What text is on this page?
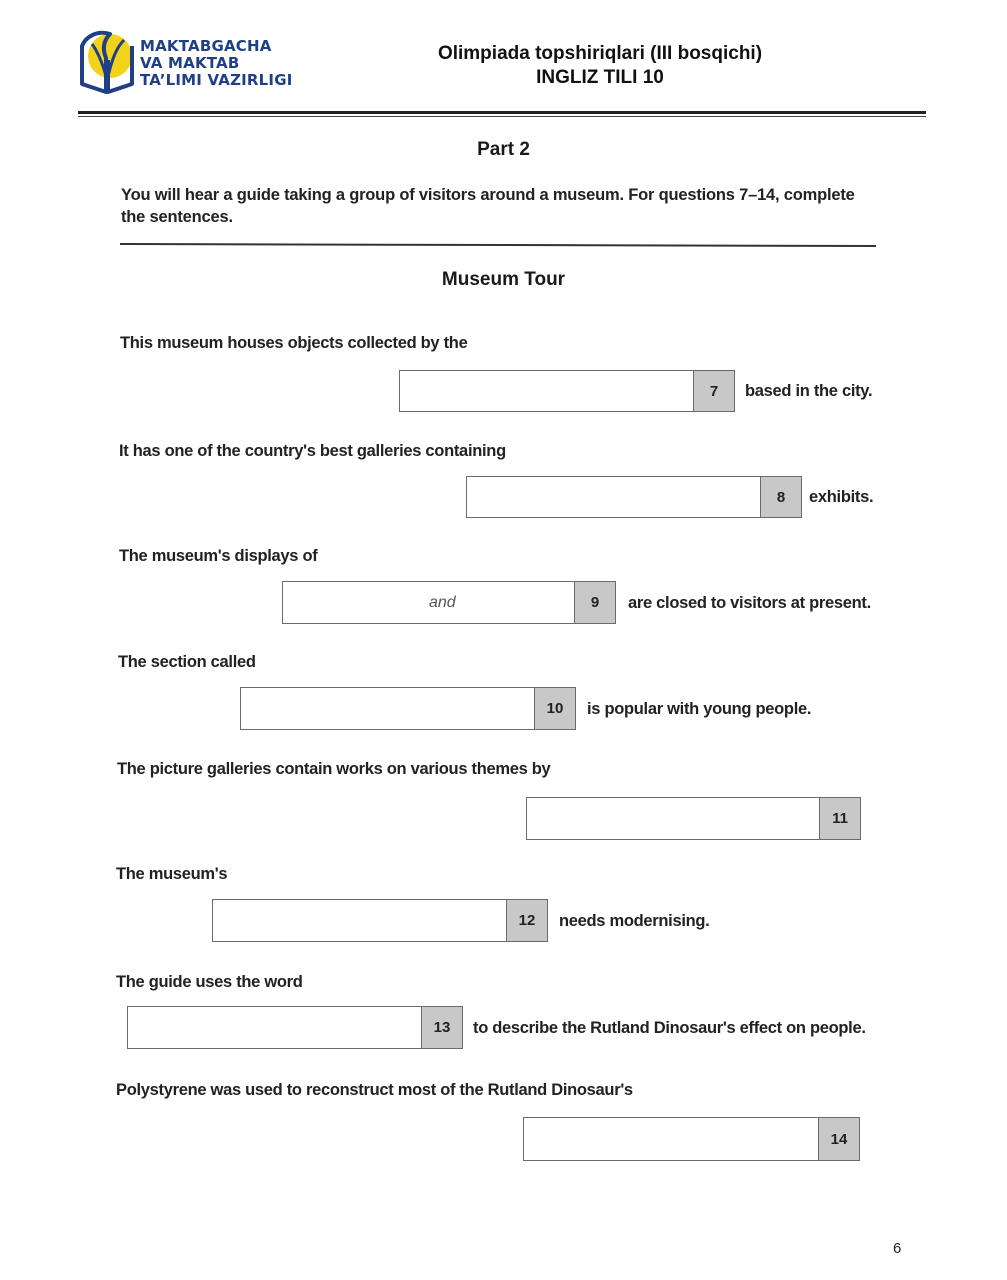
MAKTABGACHA
VA MAKTAB
TA’LIMI VAZIRLIGI
Olimpiada topshiriqlari (III bosqichi)
INGLIZ TILI 10
Part 2
You will hear a guide taking a group of visitors around a museum. For questions 7–14, complete the sentences.
Museum Tour
This museum houses objects collected by the
7	based in the city.
It has one of the country's best galleries containing
8	exhibits.
The museum's displays of
and	9	are closed to visitors at present.
The section called
10	is popular with young people.
The picture galleries contain works on various themes by
11
The museum's
12	needs modernising.
The guide uses the word
13	to describe the Rutland Dinosaur's effect on people.
Polystyrene was used to reconstruct most of the Rutland Dinosaur's
14
6
